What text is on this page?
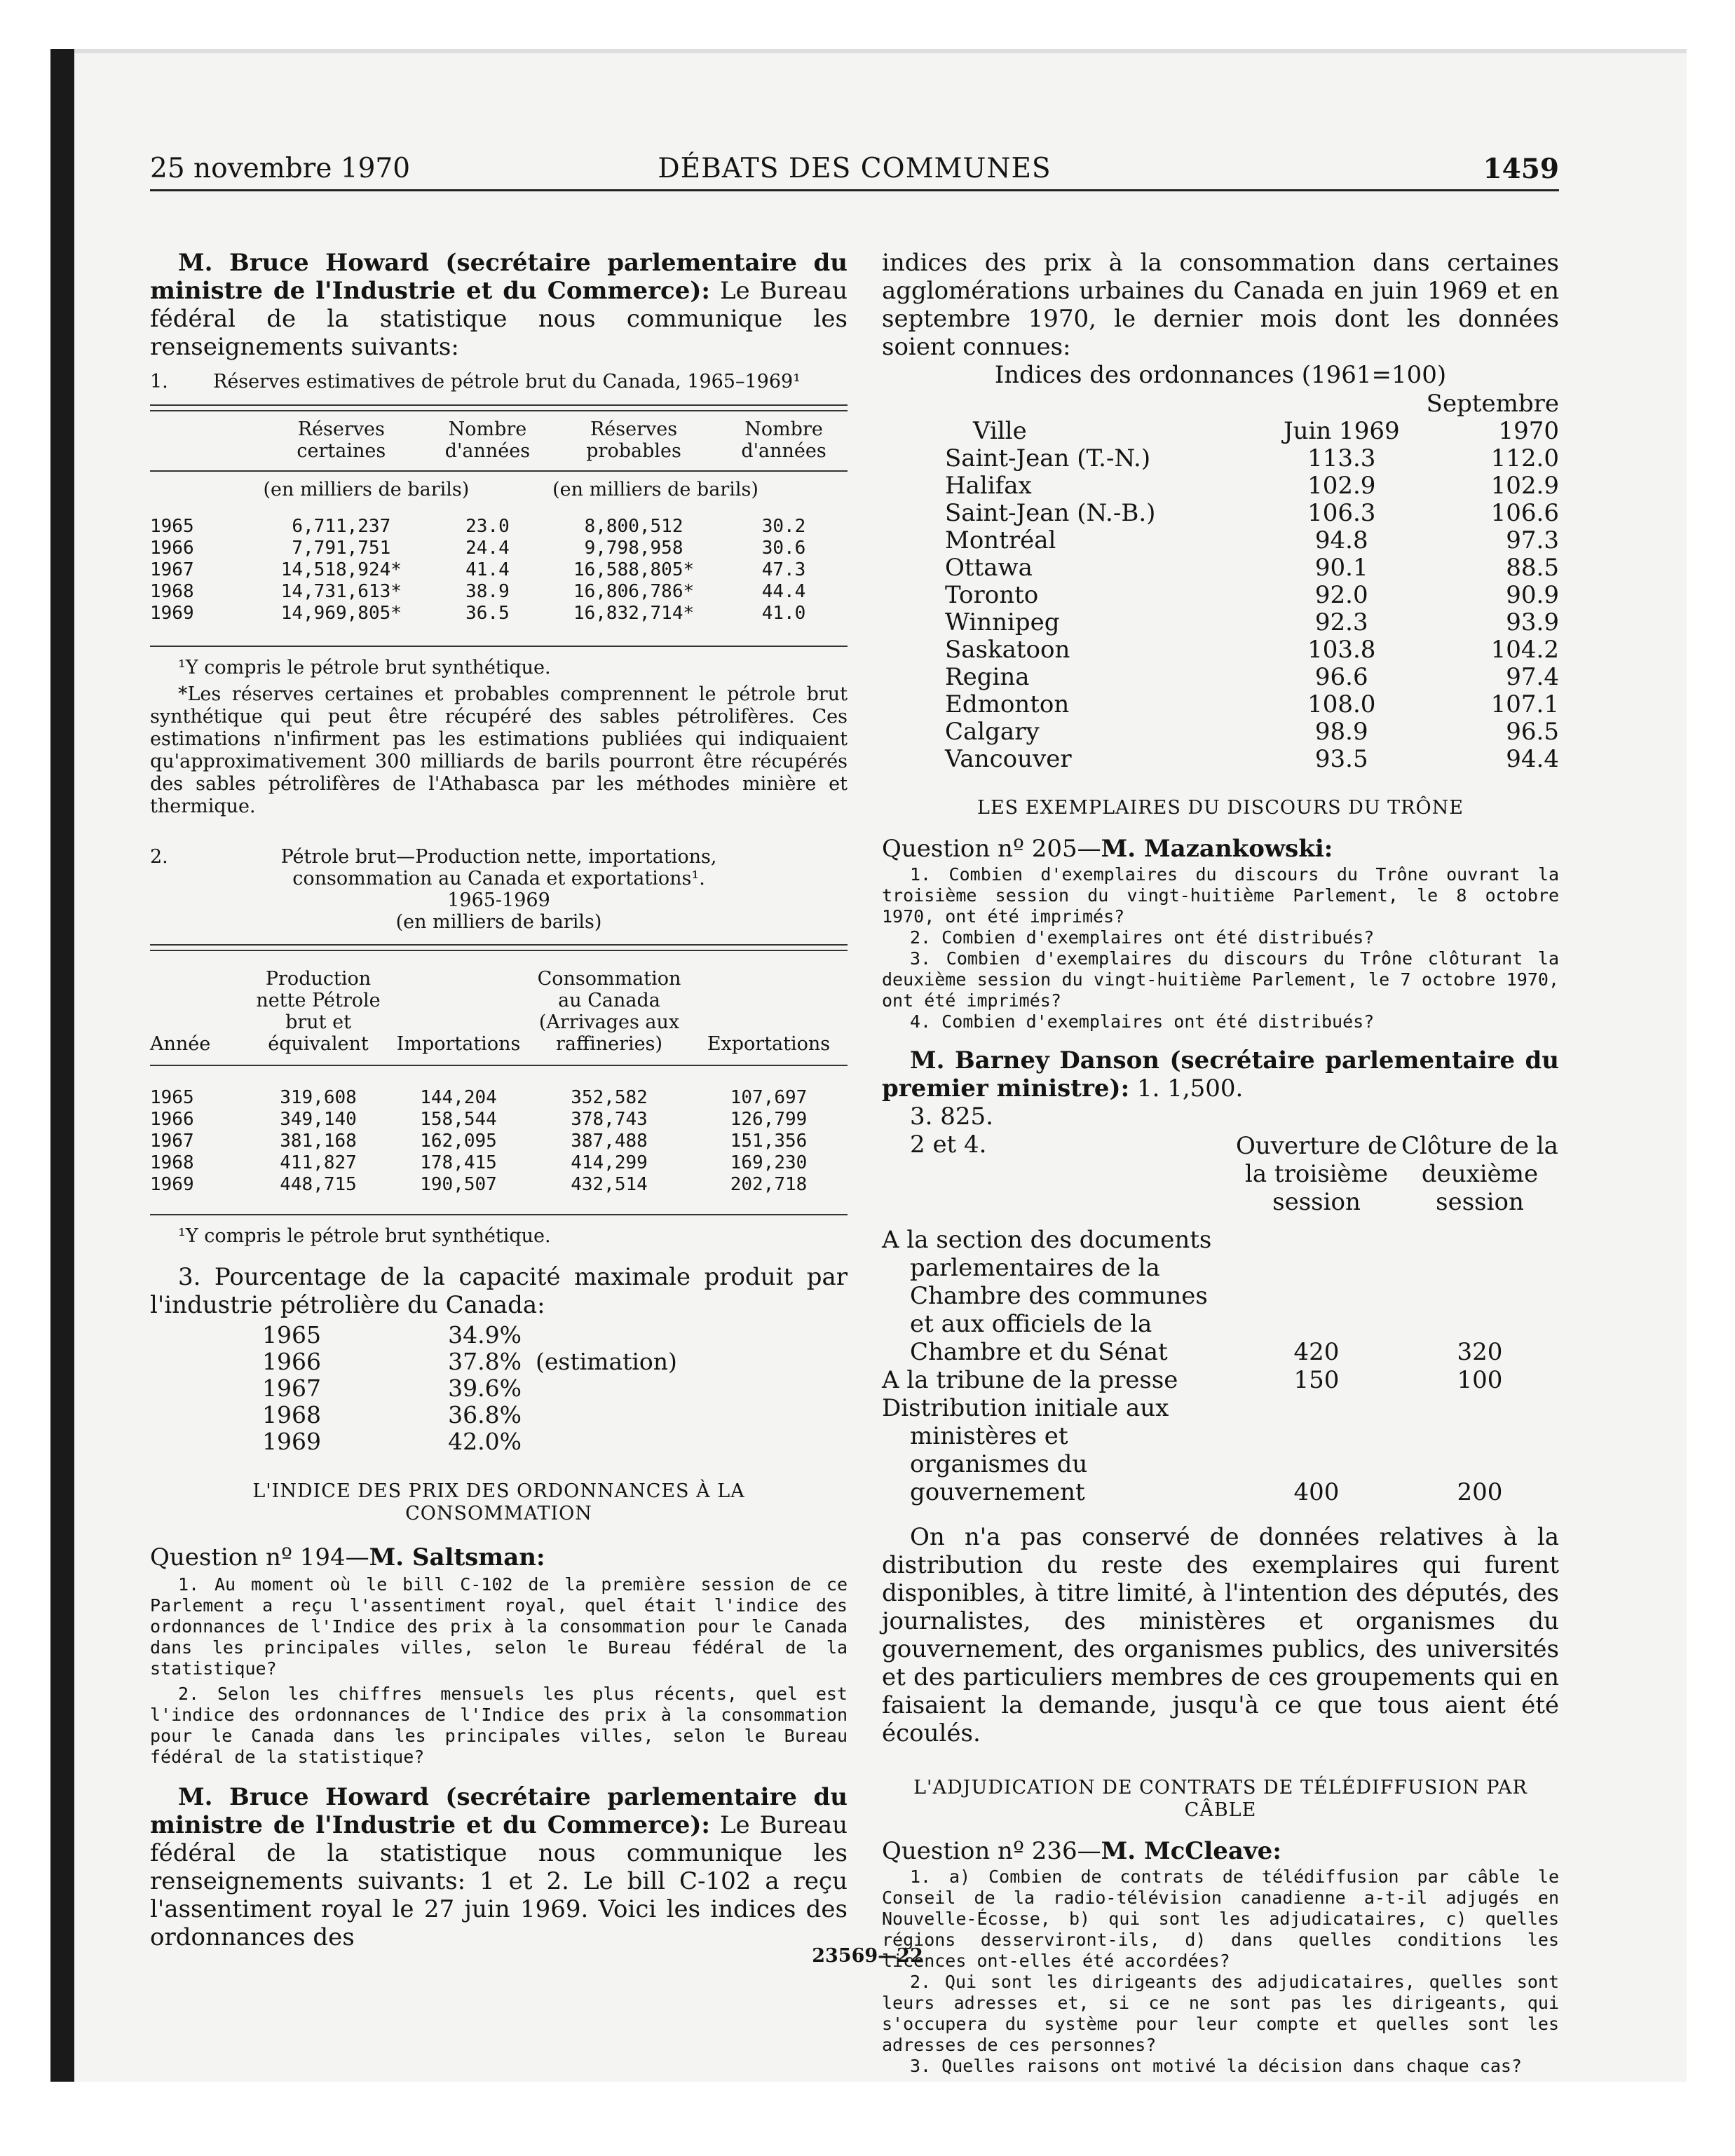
25 novembre 1970	DÉBATS DES COMMUNES	1459

M. Bruce Howard (secrétaire parlementaire du ministre de l'Industrie et du Commerce): Le Bureau fédéral de la statistique nous communique les renseignements suivants:

1.	Réserves estimatives de pétrole brut du Canada, 1965–1969¹
	Réserves certaines	Nombre d'années	Réserves probables	Nombre d'années

	(en milliers de barils)		(en milliers de barils)	

1965	6,711,237	23.0	8,800,512	30.2
1966	7,791,751	24.4	9,798,958	30.6
1967	14,518,924*	41.4	16,588,805*	47.3
1968	14,731,613*	38.9	16,806,786*	44.4
1969	14,969,805*	36.5	16,832,714*	41.0

¹Y compris le pétrole brut synthétique.

*Les réserves certaines et probables comprennent le pétrole brut synthétique qui peut être récupéré des sables pétrolifères. Ces estimations n'infirment pas les estimations publiées qui indiquaient qu'approximativement 300 milliards de barils pourront être récupérés des sables pétrolifères de l'Athabasca par les méthodes minière et thermique.

2.	Pétrole brut—Production nette, importations,
consommation au Canada et exportations¹.
1965-1969
(en milliers de barils)
Année	Production nette Pétrole brut et équivalent	Importations	Consommation au Canada (Arrivages aux raffineries)	Exportations

1965	319,608	144,204	352,582	107,697
1966	349,140	158,544	378,743	126,799
1967	381,168	162,095	387,488	151,356
1968	411,827	178,415	414,299	169,230
1969	448,715	190,507	432,514	202,718

¹Y compris le pétrole brut synthétique.

3. Pourcentage de la capacité maximale produit par l'industrie pétrolière du Canada:

1965	34.9%	
1966	37.8%	(estimation)
1967	39.6%	
1968	36.8%	
1969	42.0%	

L'INDICE DES PRIX DES ORDONNANCES À LA CONSOMMATION

Question nº 194—M. Saltsman:

1. Au moment où le bill C-102 de la première session de ce Parlement a reçu l'assentiment royal, quel était l'indice des ordonnances de l'Indice des prix à la consommation pour le Canada dans les principales villes, selon le Bureau fédéral de la statistique?

2. Selon les chiffres mensuels les plus récents, quel est l'indice des ordonnances de l'Indice des prix à la consommation pour le Canada dans les principales villes, selon le Bureau fédéral de la statistique?

M. Bruce Howard (secrétaire parlementaire du ministre de l'Industrie et du Commerce): Le Bureau fédéral de la statistique nous communique les renseignements suivants: 1 et 2. Le bill C-102 a reçu l'assentiment royal le 27 juin 1969. Voici les indices des ordonnances des

indices des prix à la consommation dans certaines agglomérations urbaines du Canada en juin 1969 et en septembre 1970, le dernier mois dont les données soient connues:

Indices des ordonnances (1961=100)

Ville	Juin 1969	Septembre 1970
Saint-Jean (T.-N.)	113.3	112.0
Halifax	102.9	102.9
Saint-Jean (N.-B.)	106.3	106.6
Montréal	94.8	97.3
Ottawa	90.1	88.5
Toronto	92.0	90.9
Winnipeg	92.3	93.9
Saskatoon	103.8	104.2
Regina	96.6	97.4
Edmonton	108.0	107.1
Calgary	98.9	96.5
Vancouver	93.5	94.4

LES EXEMPLAIRES DU DISCOURS DU TRÔNE

Question nº 205—M. Mazankowski:

1. Combien d'exemplaires du discours du Trône ouvrant la troisième session du vingt-huitième Parlement, le 8 octobre 1970, ont été imprimés?

2. Combien d'exemplaires ont été distribués?

3. Combien d'exemplaires du discours du Trône clôturant la deuxième session du vingt-huitième Parlement, le 7 octobre 1970, ont été imprimés?

4. Combien d'exemplaires ont été distribués?

M. Barney Danson (secrétaire parlementaire du premier ministre): 1. 1,500.

3. 825.

2 et 4.

		Ouverture de la troisième session	Clôture de la deuxième session

A la section des documents parlementaires de la Chambre des communes et aux officiels de la Chambre et du Sénat	420	320
A la tribune de la presse	150	100
Distribution initiale aux ministères et organismes du gouvernement	400	200

On n'a pas conservé de données relatives à la distribution du reste des exemplaires qui furent disponibles, à titre limité, à l'intention des députés, des journalistes, des ministères et organismes du gouvernement, des organismes publics, des universités et des particuliers membres de ces groupements qui en faisaient la demande, jusqu'à ce que tous aient été écoulés.

L'ADJUDICATION DE CONTRATS DE TÉLÉDIFFUSION PAR CÂBLE

Question nº 236—M. McCleave:

1. a) Combien de contrats de télédiffusion par câble le Conseil de la radio-télévision canadienne a-t-il adjugés en Nouvelle-Écosse, b) qui sont les adjudicataires, c) quelles régions desserviront-ils, d) dans quelles conditions les licences ont-elles été accordées?

2. Qui sont les dirigeants des adjudicataires, quelles sont leurs adresses et, si ce ne sont pas les dirigeants, qui s'occupera du système pour leur compte et quelles sont les adresses de ces personnes?

3. Quelles raisons ont motivé la décision dans chaque cas?

23569—22
